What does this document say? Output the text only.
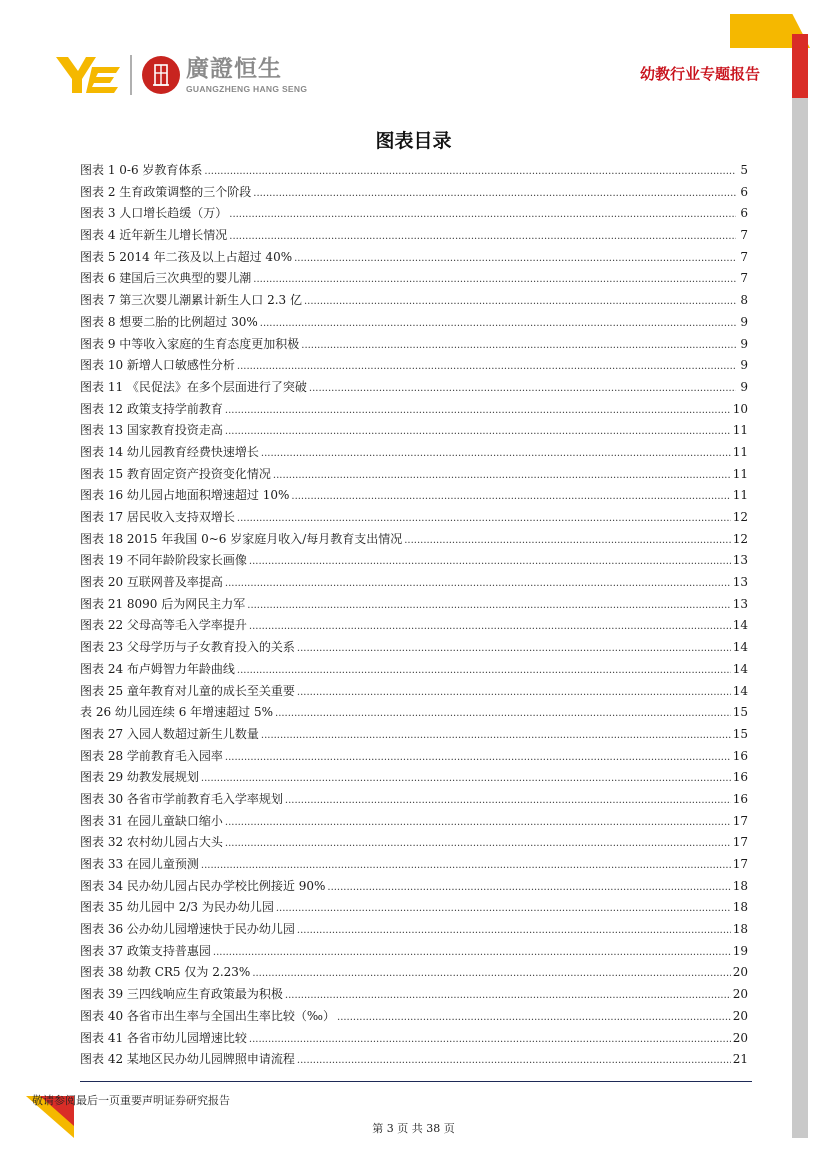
廣證恒生
GUANGZHENG HANG SENG
幼教行业专题报告
图表目录
图表 1 0-6 岁教育体系 .....	5
图表 2 生育政策调整的三个阶段 .....	6
图表 3 人口增长趋缓（万） .....	6
图表 4 近年新生儿增长情况 .....	7
图表 5 2014 年二孩及以上占超过 40% .....	7
图表 6 建国后三次典型的婴儿潮 .....	7
图表 7 第三次婴儿潮累计新生人口 2.3 亿 .....	8
图表 8 想要二胎的比例超过 30% .....	9
图表 9 中等收入家庭的生育态度更加积极 .....	9
图表 10 新增人口敏感性分析 .....	9
图表 11 《民促法》在多个层面进行了突破 .....	9
图表 12 政策支持学前教育 .....	10
图表 13 国家教育投资走高 .....	11
图表 14 幼儿园教育经费快速增长 .....	11
图表 15 教育固定资产投资变化情况 .....	11
图表 16 幼儿园占地面积增速超过 10% .....	11
图表 17 居民收入支持双增长 .....	12
图表 18 2015 年我国 0~6 岁家庭月收入/每月教育支出情况 .....	12
图表 19 不同年龄阶段家长画像 .....	13
图表 20 互联网普及率提高 .....	13
图表 21 8090 后为网民主力军 .....	13
图表 22 父母高等毛入学率提升 .....	14
图表 23 父母学历与子女教育投入的关系 .....	14
图表 24 布卢姆智力年龄曲线 .....	14
图表 25 童年教育对儿童的成长至关重要 .....	14
表 26 幼儿园连续 6 年增速超过 5% .....	15
图表 27 入园人数超过新生儿数量 .....	15
图表 28 学前教育毛入园率 .....	16
图表 29 幼教发展规划 .....	16
图表 30 各省市学前教育毛入学率规划 .....	16
图表 31 在园儿童缺口缩小 .....	17
图表 32 农村幼儿园占大头 .....	17
图表 33 在园儿童预测 .....	17
图表 34 民办幼儿园占民办学校比例接近 90% .....	18
图表 35 幼儿园中 2/3 为民办幼儿园 .....	18
图表 36 公办幼儿园增速快于民办幼儿园 .....	18
图表 37 政策支持普惠园 .....	19
图表 38 幼教 CR5 仅为 2.23% .....	20
图表 39 三四线响应生育政策最为积极 .....	20
图表 40 各省市出生率与全国出生率比较（‰） .....	20
图表 41 各省市幼儿园增速比较 .....	20
图表 42 某地区民办幼儿园牌照申请流程 .....	21
敬请参阅最后一页重要声明证券研究报告
第 3 页 共 38 页
